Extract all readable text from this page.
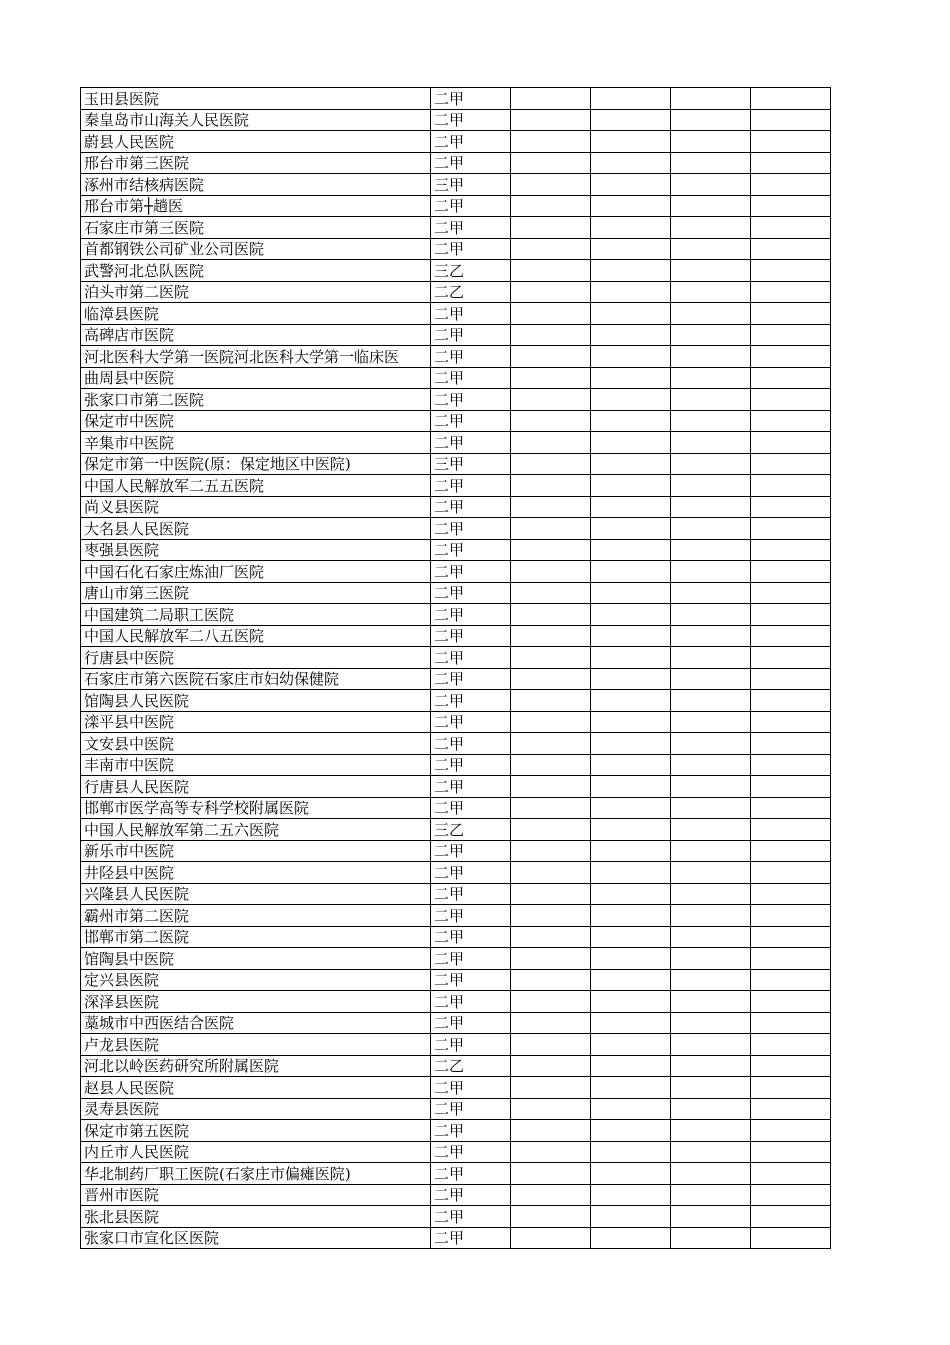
玉田县医院	二甲				
秦皇岛市山海关人民医院	二甲				
蔚县人民医院	二甲				
邢台市第三医院	二甲				
涿州市结核病医院	三甲				
邢台市第┼趟医	二甲				
石家庄市第三医院	二甲				
首都钢铁公司矿业公司医院	二甲				
武警河北总队医院	三乙				
泊头市第二医院	二乙				
临漳县医院	二甲				
高碑店市医院	二甲				
河北医科大学第一医院河北医科大学第一临床医	二甲				
曲周县中医院	二甲				
张家口市第二医院	二甲				
保定市中医院	二甲				
辛集市中医院	二甲				
保定市第一中医院(原：保定地区中医院)	三甲				
中国人民解放军二五五医院	二甲				
尚义县医院	二甲				
大名县人民医院	二甲				
枣强县医院	二甲				
中国石化石家庄炼油厂医院	二甲				
唐山市第三医院	二甲				
中国建筑二局职工医院	二甲				
中国人民解放军二八五医院	二甲				
行唐县中医院	二甲				
石家庄市第六医院石家庄市妇幼保健院	二甲				
馆陶县人民医院	二甲				
滦平县中医院	二甲				
文安县中医院	二甲				
丰南市中医院	二甲				
行唐县人民医院	二甲				
邯郸市医学高等专科学校附属医院	二甲				
中国人民解放军第二五六医院	三乙				
新乐市中医院	二甲				
井陉县中医院	二甲				
兴隆县人民医院	二甲				
霸州市第二医院	二甲				
邯郸市第二医院	二甲				
馆陶县中医院	二甲				
定兴县医院	二甲				
深泽县医院	二甲				
藁城市中西医结合医院	二甲				
卢龙县医院	二甲				
河北以岭医药研究所附属医院	二乙				
赵县人民医院	二甲				
灵寿县医院	二甲				
保定市第五医院	二甲				
内丘市人民医院	二甲				
华北制药厂职工医院(石家庄市偏瘫医院)	二甲				
晋州市医院	二甲				
张北县医院	二甲				
张家口市宣化区医院	二甲				
